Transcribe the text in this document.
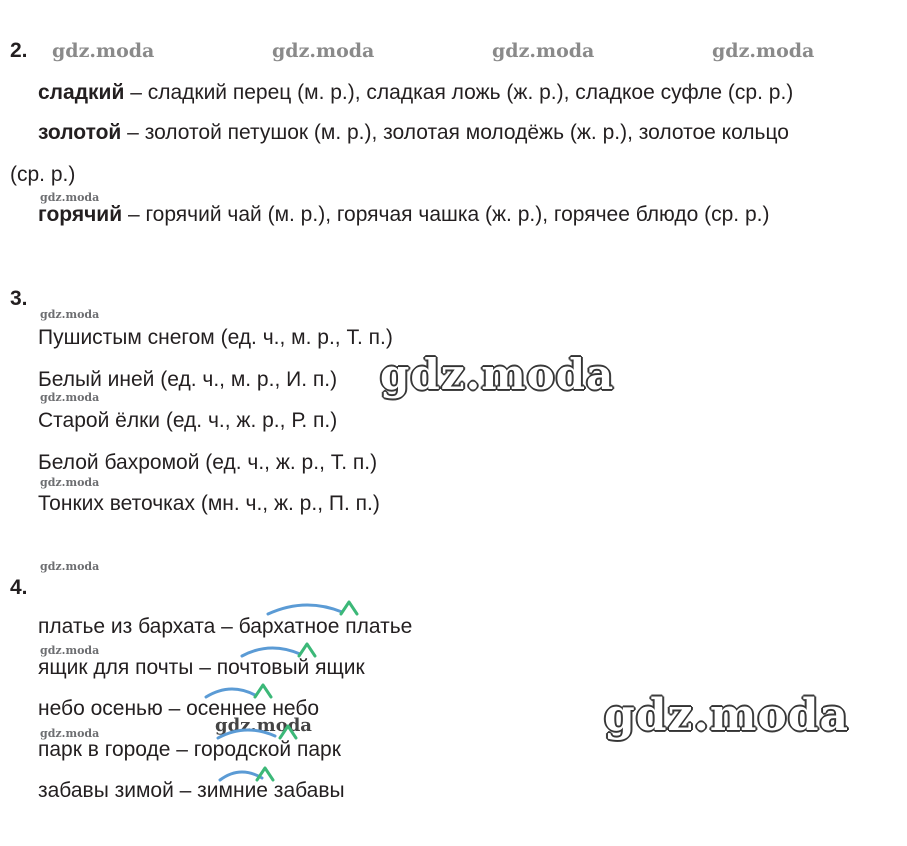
gdz.moda	gdz.moda	gdz.moda	gdz.moda
gdz.moda
gdz.moda
gdz.moda
gdz.moda
gdz.moda
gdz.moda
gdz.moda
gdz.moda
gdz.moda
gdz.moda
2.
сладкий – сладкий перец (м. р.), сладкая ложь (ж. р.), сладкое суфле (ср. р.)
золотой – золотой петушок (м. р.), золотая молодёжь (ж. р.), золотое кольцо
(ср. р.)
горячий – горячий чай (м. р.), горячая чашка (ж. р.), горячее блюдо (ср. р.)
3.
Пушистым снегом (ед. ч., м. р., Т. п.)
Белый иней (ед. ч., м. р., И. п.)
Старой ёлки (ед. ч., ж. р., Р. п.)
Белой бахромой (ед. ч., ж. р., Т. п.)
Тонких веточках (мн. ч., ж. р., П. п.)
4.
платье из бархата – бархатное платье
ящик для почты – почтовый ящик
небо осенью – осеннее небо
парк в городе – городской парк
забавы зимой – зимние забавы
